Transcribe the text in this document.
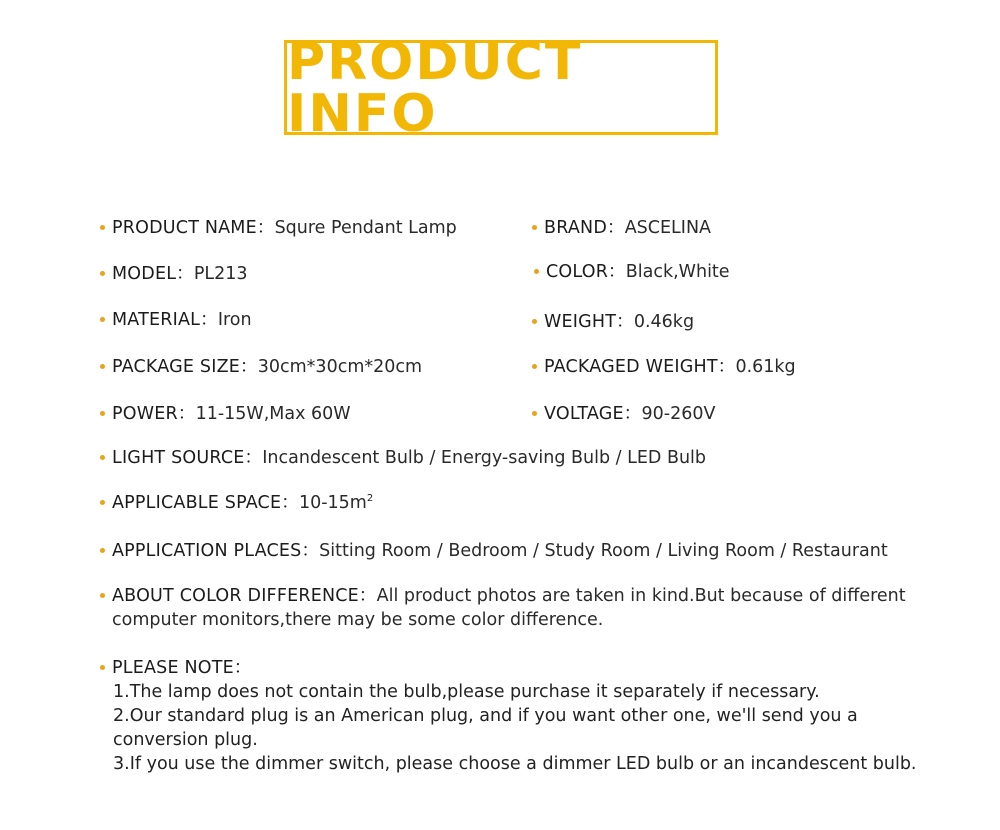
PRODUCT INFO
PRODUCT NAME：Squre Pendant Lamp
MODEL：PL213
MATERIAL：Iron
PACKAGE SIZE：30cm*30cm*20cm
POWER：11-15W,Max 60W
BRAND：ASCELINA
COLOR：Black,White
WEIGHT：0.46kg
PACKAGED WEIGHT：0.61kg
VOLTAGE：90-260V
LIGHT SOURCE：Incandescent Bulb / Energy-saving Bulb / LED Bulb
APPLICABLE SPACE：$10-15m^2$
APPLICATION PLACES：Sitting Room / Bedroom / Study Room / Living Room / Restaurant
ABOUT COLOR DIFFERENCE：All product photos are taken in kind.But because of different
computer monitors,there may be some color difference.
PLEASE NOTE：
1.The lamp does not contain the bulb,please purchase it separately if necessary.
2.Our standard plug is an American plug, and if you want other one, we'll send you a
conversion plug.
3.If you use the dimmer switch, please choose a dimmer LED bulb or an incandescent bulb.
